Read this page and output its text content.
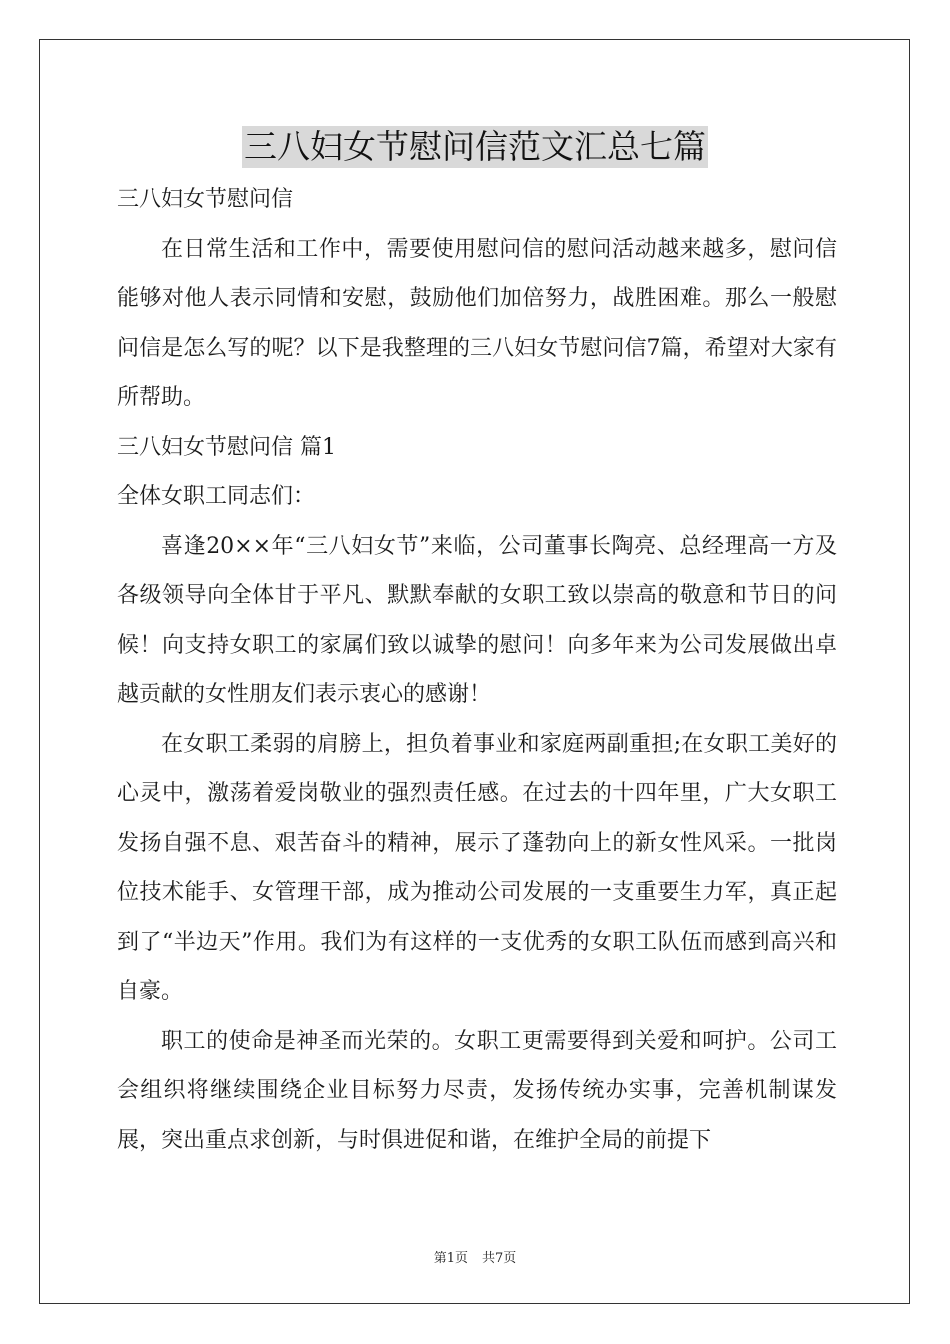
三八妇女节慰问信范文汇总七篇

三八妇女节慰问信

在日常生活和工作中，需要使用慰问信的慰问活动越来越多，慰问信能够对他人表示同情和安慰，鼓励他们加倍努力，战胜困难。那么一般慰问信是怎么写的呢？以下是我整理的三八妇女节慰问信7篇，希望对大家有所帮助。

三八妇女节慰问信 篇1

全体女职工同志们：

喜逢20××年“三八妇女节”来临，公司董事长陶亮、总经理高一方及各级领导向全体甘于平凡、默默奉献的女职工致以崇高的敬意和节日的问候！向支持女职工的家属们致以诚挚的慰问！向多年来为公司发展做出卓越贡献的女性朋友们表示衷心的感谢！

在女职工柔弱的肩膀上，担负着事业和家庭两副重担;在女职工美好的心灵中，激荡着爱岗敬业的强烈责任感。在过去的十四年里，广大女职工发扬自强不息、艰苦奋斗的精神，展示了蓬勃向上的新女性风采。一批岗位技术能手、女管理干部，成为推动公司发展的一支重要生力军，真正起到了“半边天”作用。我们为有这样的一支优秀的女职工队伍而感到高兴和自豪。

职工的使命是神圣而光荣的。女职工更需要得到关爱和呵护。公司工会组织将继续围绕企业目标努力尽责，发扬传统办实事，完善机制谋发展，突出重点求创新，与时俱进促和谐，在维护全局的前提下

第1页 共7页
